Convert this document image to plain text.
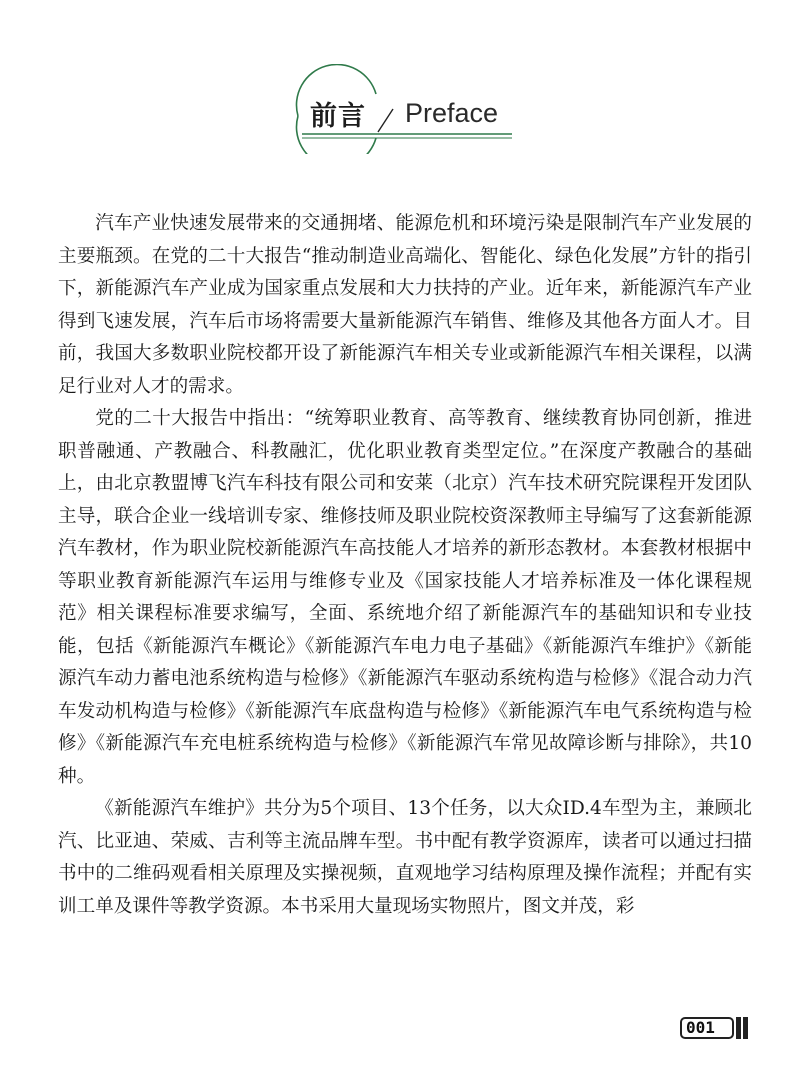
前言 Preface

汽车产业快速发展带来的交通拥堵、能源危机和环境污染是限制汽车产业发展的主要瓶颈。在党的二十大报告“推动制造业高端化、智能化、绿色化发展”方针的指引下，新能源汽车产业成为国家重点发展和大力扶持的产业。近年来，新能源汽车产业得到飞速发展，汽车后市场将需要大量新能源汽车销售、维修及其他各方面人才。目前，我国大多数职业院校都开设了新能源汽车相关专业或新能源汽车相关课程，以满足行业对人才的需求。

党的二十大报告中指出：“统筹职业教育、高等教育、继续教育协同创新，推进职普融通、产教融合、科教融汇，优化职业教育类型定位。”在深度产教融合的基础上，由北京教盟博飞汽车科技有限公司和安莱（北京）汽车技术研究院课程开发团队主导，联合企业一线培训专家、维修技师及职业院校资深教师主导编写了这套新能源汽车教材，作为职业院校新能源汽车高技能人才培养的新形态教材。本套教材根据中等职业教育新能源汽车运用与维修专业及《国家技能人才培养标准及一体化课程规范》相关课程标准要求编写，全面、系统地介绍了新能源汽车的基础知识和专业技能，包括《新能源汽车概论》《新能源汽车电力电子基础》《新能源汽车维护》《新能源汽车动力蓄电池系统构造与检修》《新能源汽车驱动系统构造与检修》《混合动力汽车发动机构造与检修》《新能源汽车底盘构造与检修》《新能源汽车电气系统构造与检修》《新能源汽车充电桩系统构造与检修》《新能源汽车常见故障诊断与排除》，共10种。

《新能源汽车维护》共分为5个项目、13个任务，以大众ID.4车型为主，兼顾北汽、比亚迪、荣威、吉利等主流品牌车型。书中配有教学资源库，读者可以通过扫描书中的二维码观看相关原理及实操视频，直观地学习结构原理及操作流程；并配有实训工单及课件等教学资源。本书采用大量现场实物照片，图文并茂，彩

001
